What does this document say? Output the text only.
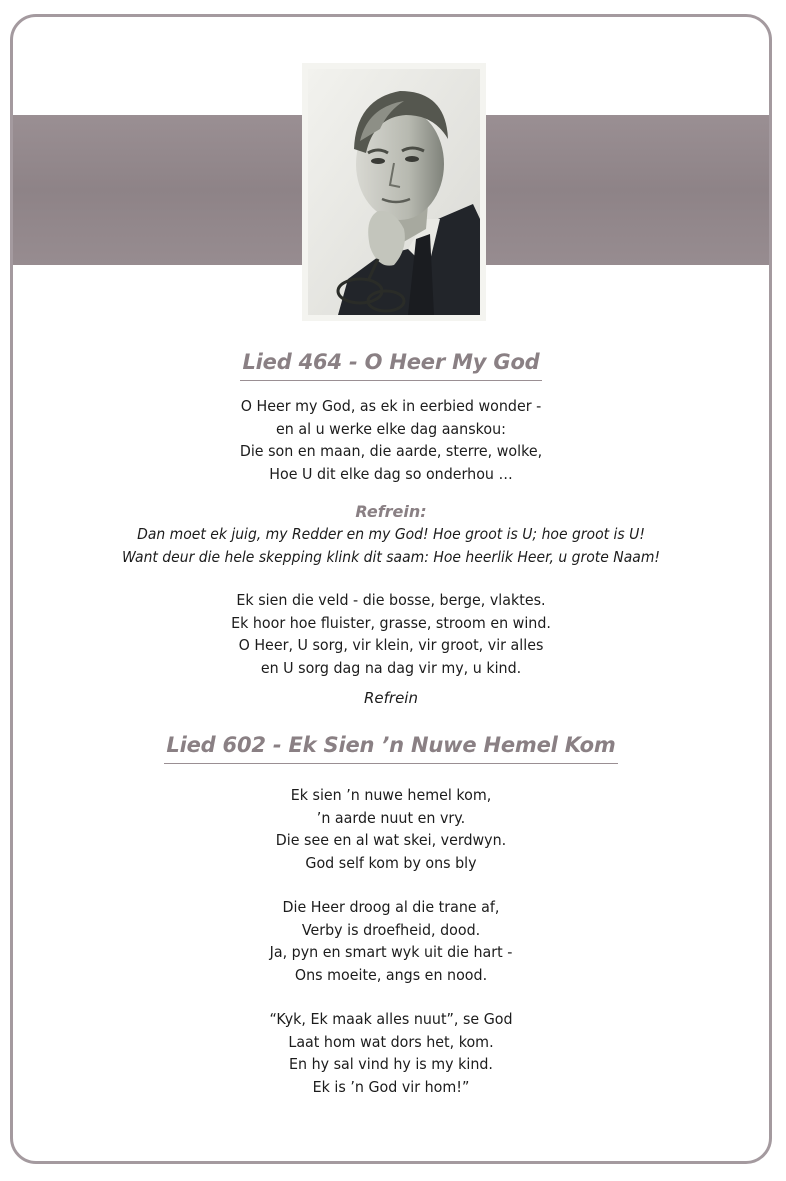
Lied 464 - O Heer My God
O Heer my God, as ek in eerbied wonder -
en al u werke elke dag aanskou:
Die son en maan, die aarde, sterre, wolke,
Hoe U dit elke dag so onderhou …
Refrein:
Dan moet ek juig, my Redder en my God! Hoe groot is U; hoe groot is U!
Want deur die hele skepping klink dit saam: Hoe heerlik Heer, u grote Naam!
Ek sien die veld - die bosse, berge, vlaktes.
Ek hoor hoe fluister, grasse, stroom en wind.
O Heer, U sorg, vir klein, vir groot, vir alles
en U sorg dag na dag vir my, u kind.
Refrein
Lied 602 - Ek Sien ’n Nuwe Hemel Kom
Ek sien ’n nuwe hemel kom,
’n aarde nuut en vry.
Die see en al wat skei, verdwyn.
God self kom by ons bly
Die Heer droog al die trane af,
Verby is droefheid, dood.
Ja, pyn en smart wyk uit die hart -
Ons moeite, angs en nood.
“Kyk, Ek maak alles nuut”, se God
Laat hom wat dors het, kom.
En hy sal vind hy is my kind.
Ek is ’n God vir hom!”
